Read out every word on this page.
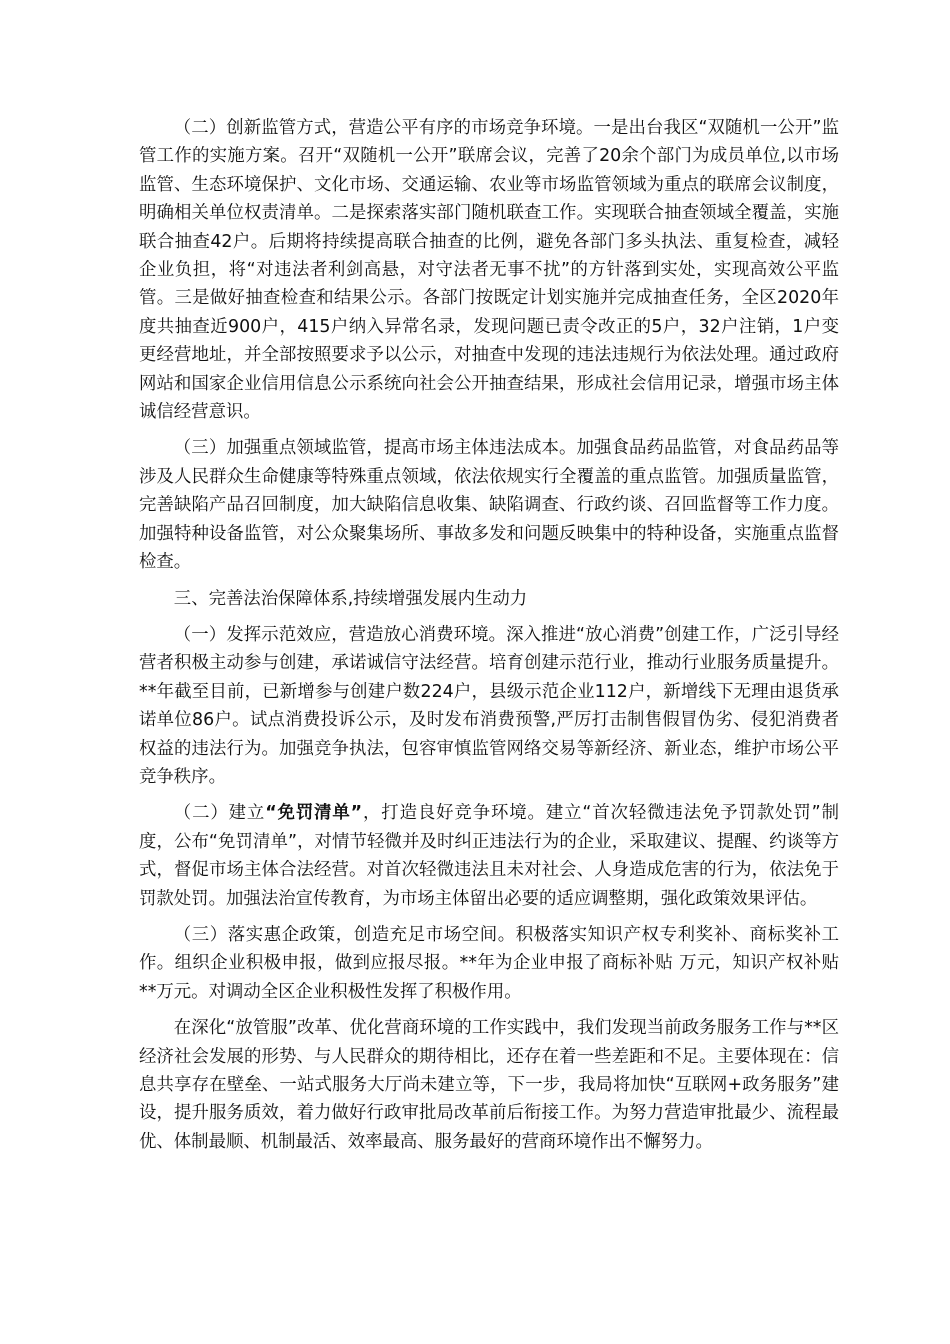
（二）创新监管方式，营造公平有序的市场竞争环境。一是出台我区“双随机一公开”监管工作的实施方案。召开“双随机一公开”联席会议，完善了20余个部门为成员单位,以市场监管、生态环境保护、文化市场、交通运输、农业等市场监管领域为重点的联席会议制度，明确相关单位权责清单。二是探索落实部门随机联查工作。实现联合抽查领域全覆盖，实施联合抽查42户。后期将持续提高联合抽查的比例，避免各部门多头执法、重复检查，减轻企业负担，将“对违法者利剑高悬，对守法者无事不扰”的方针落到实处，实现高效公平监管。三是做好抽查检查和结果公示。各部门按既定计划实施并完成抽查任务，全区2020年度共抽查近900户，415户纳入异常名录，发现问题已责令改正的5户，32户注销，1户变更经营地址，并全部按照要求予以公示，对抽查中发现的违法违规行为依法处理。通过政府网站和国家企业信用信息公示系统向社会公开抽查结果，形成社会信用记录，增强市场主体诚信经营意识。

（三）加强重点领域监管，提高市场主体违法成本。加强食品药品监管，对食品药品等涉及人民群众生命健康等特殊重点领域，依法依规实行全覆盖的重点监管。加强质量监管，完善缺陷产品召回制度，加大缺陷信息收集、缺陷调查、行政约谈、召回监督等工作力度。加强特种设备监管，对公众聚集场所、事故多发和问题反映集中的特种设备，实施重点监督检查。

三、完善法治保障体系,持续增强发展内生动力

（一）发挥示范效应，营造放心消费环境。深入推进“放心消费”创建工作，广泛引导经营者积极主动参与创建，承诺诚信守法经营。培育创建示范行业，推动行业服务质量提升。**年截至目前，已新增参与创建户数224户，县级示范企业112户，新增线下无理由退货承诺单位86户。试点消费投诉公示，及时发布消费预警,严厉打击制售假冒伪劣、侵犯消费者权益的违法行为。加强竞争执法，包容审慎监管网络交易等新经济、新业态，维护市场公平竞争秩序。

（二）建立“免罚清单”，打造良好竞争环境。建立“首次轻微违法免予罚款处罚”制度，公布“免罚清单”，对情节轻微并及时纠正违法行为的企业，采取建议、提醒、约谈等方式，督促市场主体合法经营。对首次轻微违法且未对社会、人身造成危害的行为，依法免于罚款处罚。加强法治宣传教育，为市场主体留出必要的适应调整期，强化政策效果评估。

（三）落实惠企政策，创造充足市场空间。积极落实知识产权专利奖补、商标奖补工作。组织企业积极申报，做到应报尽报。**年为企业申报了商标补贴 万元，知识产权补贴**万元。对调动全区企业积极性发挥了积极作用。

在深化“放管服”改革、优化营商环境的工作实践中，我们发现当前政务服务工作与**区经济社会发展的形势、与人民群众的期待相比，还存在着一些差距和不足。主要体现在：信息共享存在壁垒、一站式服务大厅尚未建立等，下一步，我局将加快“互联网+政务服务”建设，提升服务质效，着力做好行政审批局改革前后衔接工作。为努力营造审批最少、流程最优、体制最顺、机制最活、效率最高、服务最好的营商环境作出不懈努力。
